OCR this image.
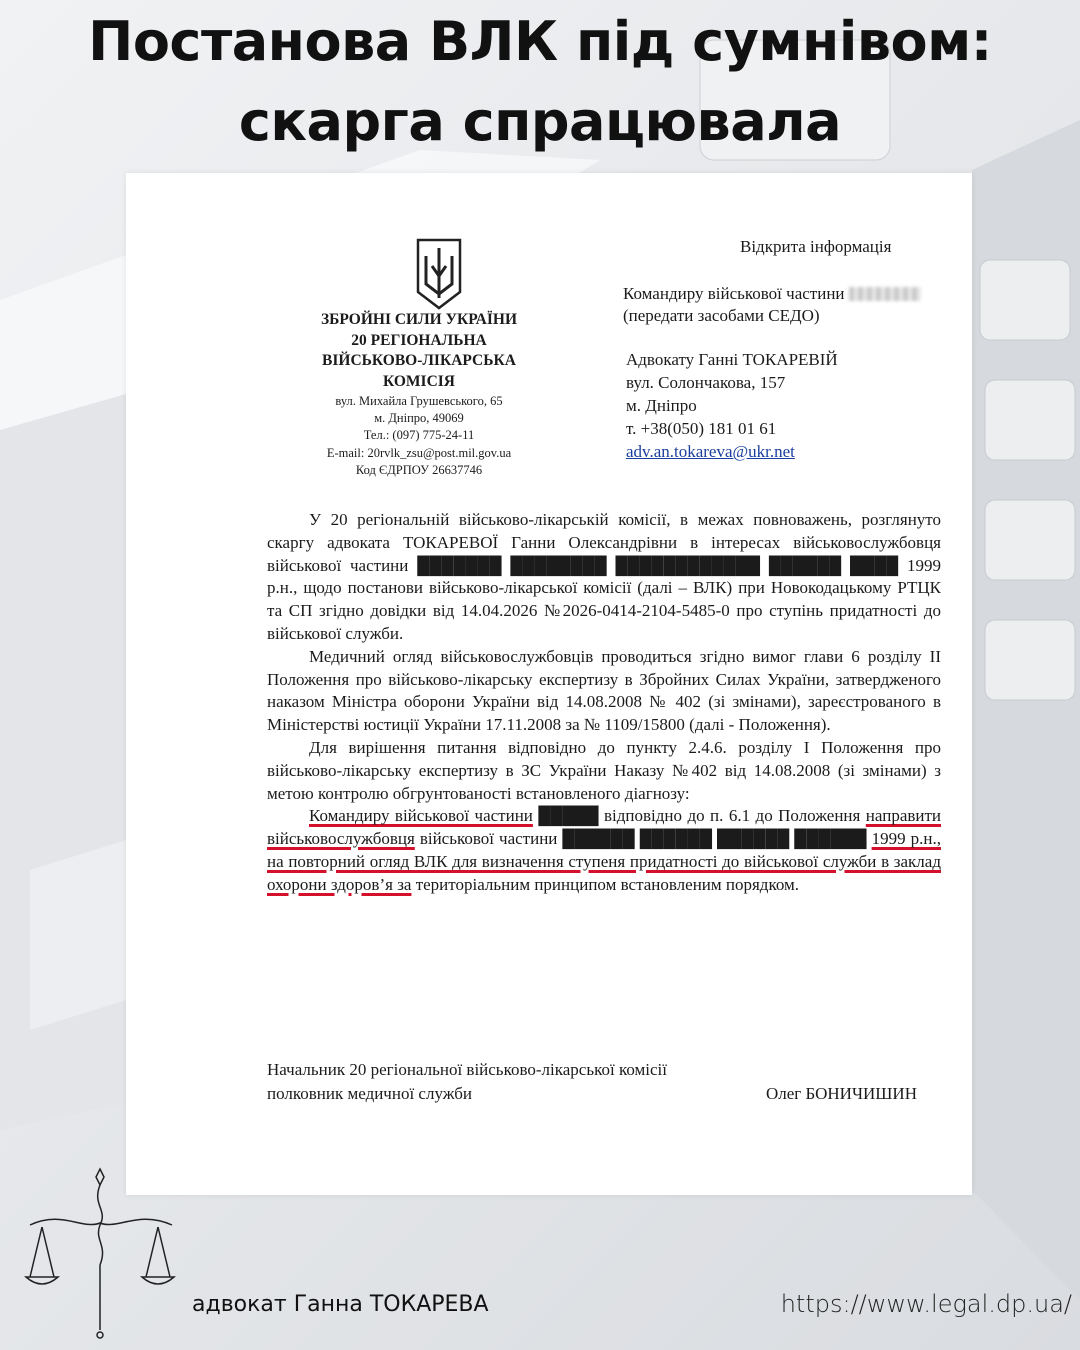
Постанова ВЛК під сумнівом:
скарга спрацювала
ЗБРОЙНІ СИЛИ УКРАЇНИ
20 РЕГІОНАЛЬНА
ВІЙСЬКОВО-ЛІКАРСЬКА
КОМІСІЯ
вул. Михайла Грушевського, 65
м. Дніпро, 49069
Тел.: (097) 775-24-11
E-mail: 20rvlk_zsu@post.mil.gov.ua
Код ЄДРПОУ 26637746
Відкрита інформація
Командиру військової частини
(передати засобами СЕДО)
Адвокату Ганні ТОКАРЕВІЙ
вул. Солончакова, 157
м. Дніпро
т. +38(050) 181 01 61
adv.an.tokareva@ukr.net

У 20 регіональній військово-лікарській комісії, в межах повноважень, розглянуто скаргу адвоката ТОКАРЕВОЇ Ганни Олександрівни в інтересах військовослужбовця військової частини ███████ ████████ ████████████ ██████ ████ 1999 р.н., щодо постанови військово-лікарської комісії (далі – ВЛК) при Новокодацькому РТЦК та СП згідно довідки від 14.04.2026 №2026-0414-2104-5485-0 про ступінь придатності до військової служби.

Медичний огляд військовослужбовців проводиться згідно вимог глави 6 розділу II Положення про військово-лікарську експертизу в Збройних Силах України, затвердженого наказом Міністра оборони України від 14.08.2008 № 402 (зі змінами), зареєстрованого в Міністерстві юстиції України 17.11.2008 за № 1109/15800 (далі - Положення).

Для вирішення питання відповідно до пункту 2.4.6. розділу І Положення про військово-лікарську експертизу в ЗС України Наказу №402 від 14.08.2008 (зі змінами) з метою контролю обгрунтованості встановленого діагнозу:

Командиру військової частини █████ відповідно до п. 6.1 до Положення направити військовослужбовця військової частини ██████ ██████ ██████ ██████ 1999 р.н., на повторний огляд ВЛК для визначення ступеня придатності до військової служби в заклад охорони здоров’я за територіальним принципом встановленим порядком.

Начальник 20 регіональної військово-лікарської комісії
полковник медичної служби	Олег БОНИЧИШИН
адвокат Ганна ТОКАРЕВА	https://www.legal.dp.ua/
